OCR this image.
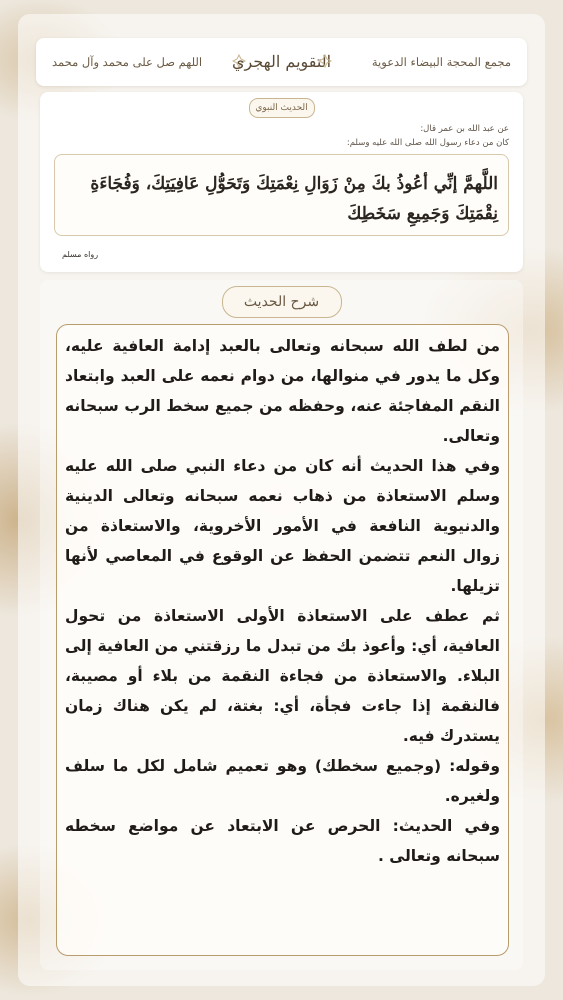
اللهم صل على محمد وآل محمد التقويم الهجري	مجمع المحجة البيضاء الدعوية
الحديث النبوي
عن عبد الله بن عمر قال:
كان من دعاء رسول الله صلى الله عليه وسلم:
اللَّهمَّ إنِّي أعُوذُ بكَ مِنْ زَوَالِ نِعْمَتِكَ وَتَحَوُّلِ عَافِيَتِكَ، وَفُجَاءَةِ نِقْمَتِكَ وَجَمِيعِ سَخَطِكَ
رواه مسلم
شرح الحديث

من لطف الله سبحانه وتعالى بالعبد إدامة العافية عليه، وكل ما يدور في منوالها، من دوام نعمه على العبد وابتعاد النقم المفاجئة عنه، وحفظه من جميع سخط الرب سبحانه وتعالى.

وفي هذا الحديث أنه كان من دعاء النبي صلى الله عليه وسلم الاستعاذة من ذهاب نعمه سبحانه وتعالى الدينية والدنيوية النافعة في الأمور الأخروية، والاستعاذة من زوال النعم تتضمن الحفظ عن الوقوع في المعاصي لأنها تزيلها.

ثم عطف على الاستعاذة الأولى الاستعاذة من تحول العافية، أي: وأعوذ بك من تبدل ما رزقتني من العافية إلى البلاء. والاستعاذة من فجاءة النقمة من بلاء أو مصيبة، فالنقمة إذا جاءت فجأة، أي: بغتة، لم يكن هناك زمان يستدرك فيه.

وقوله: (وجميع سخطك) وهو تعميم شامل لكل ما سلف ولغيره.

وفي الحديث: الحرص عن الابتعاد عن مواضع سخطه سبحانه وتعالى .
